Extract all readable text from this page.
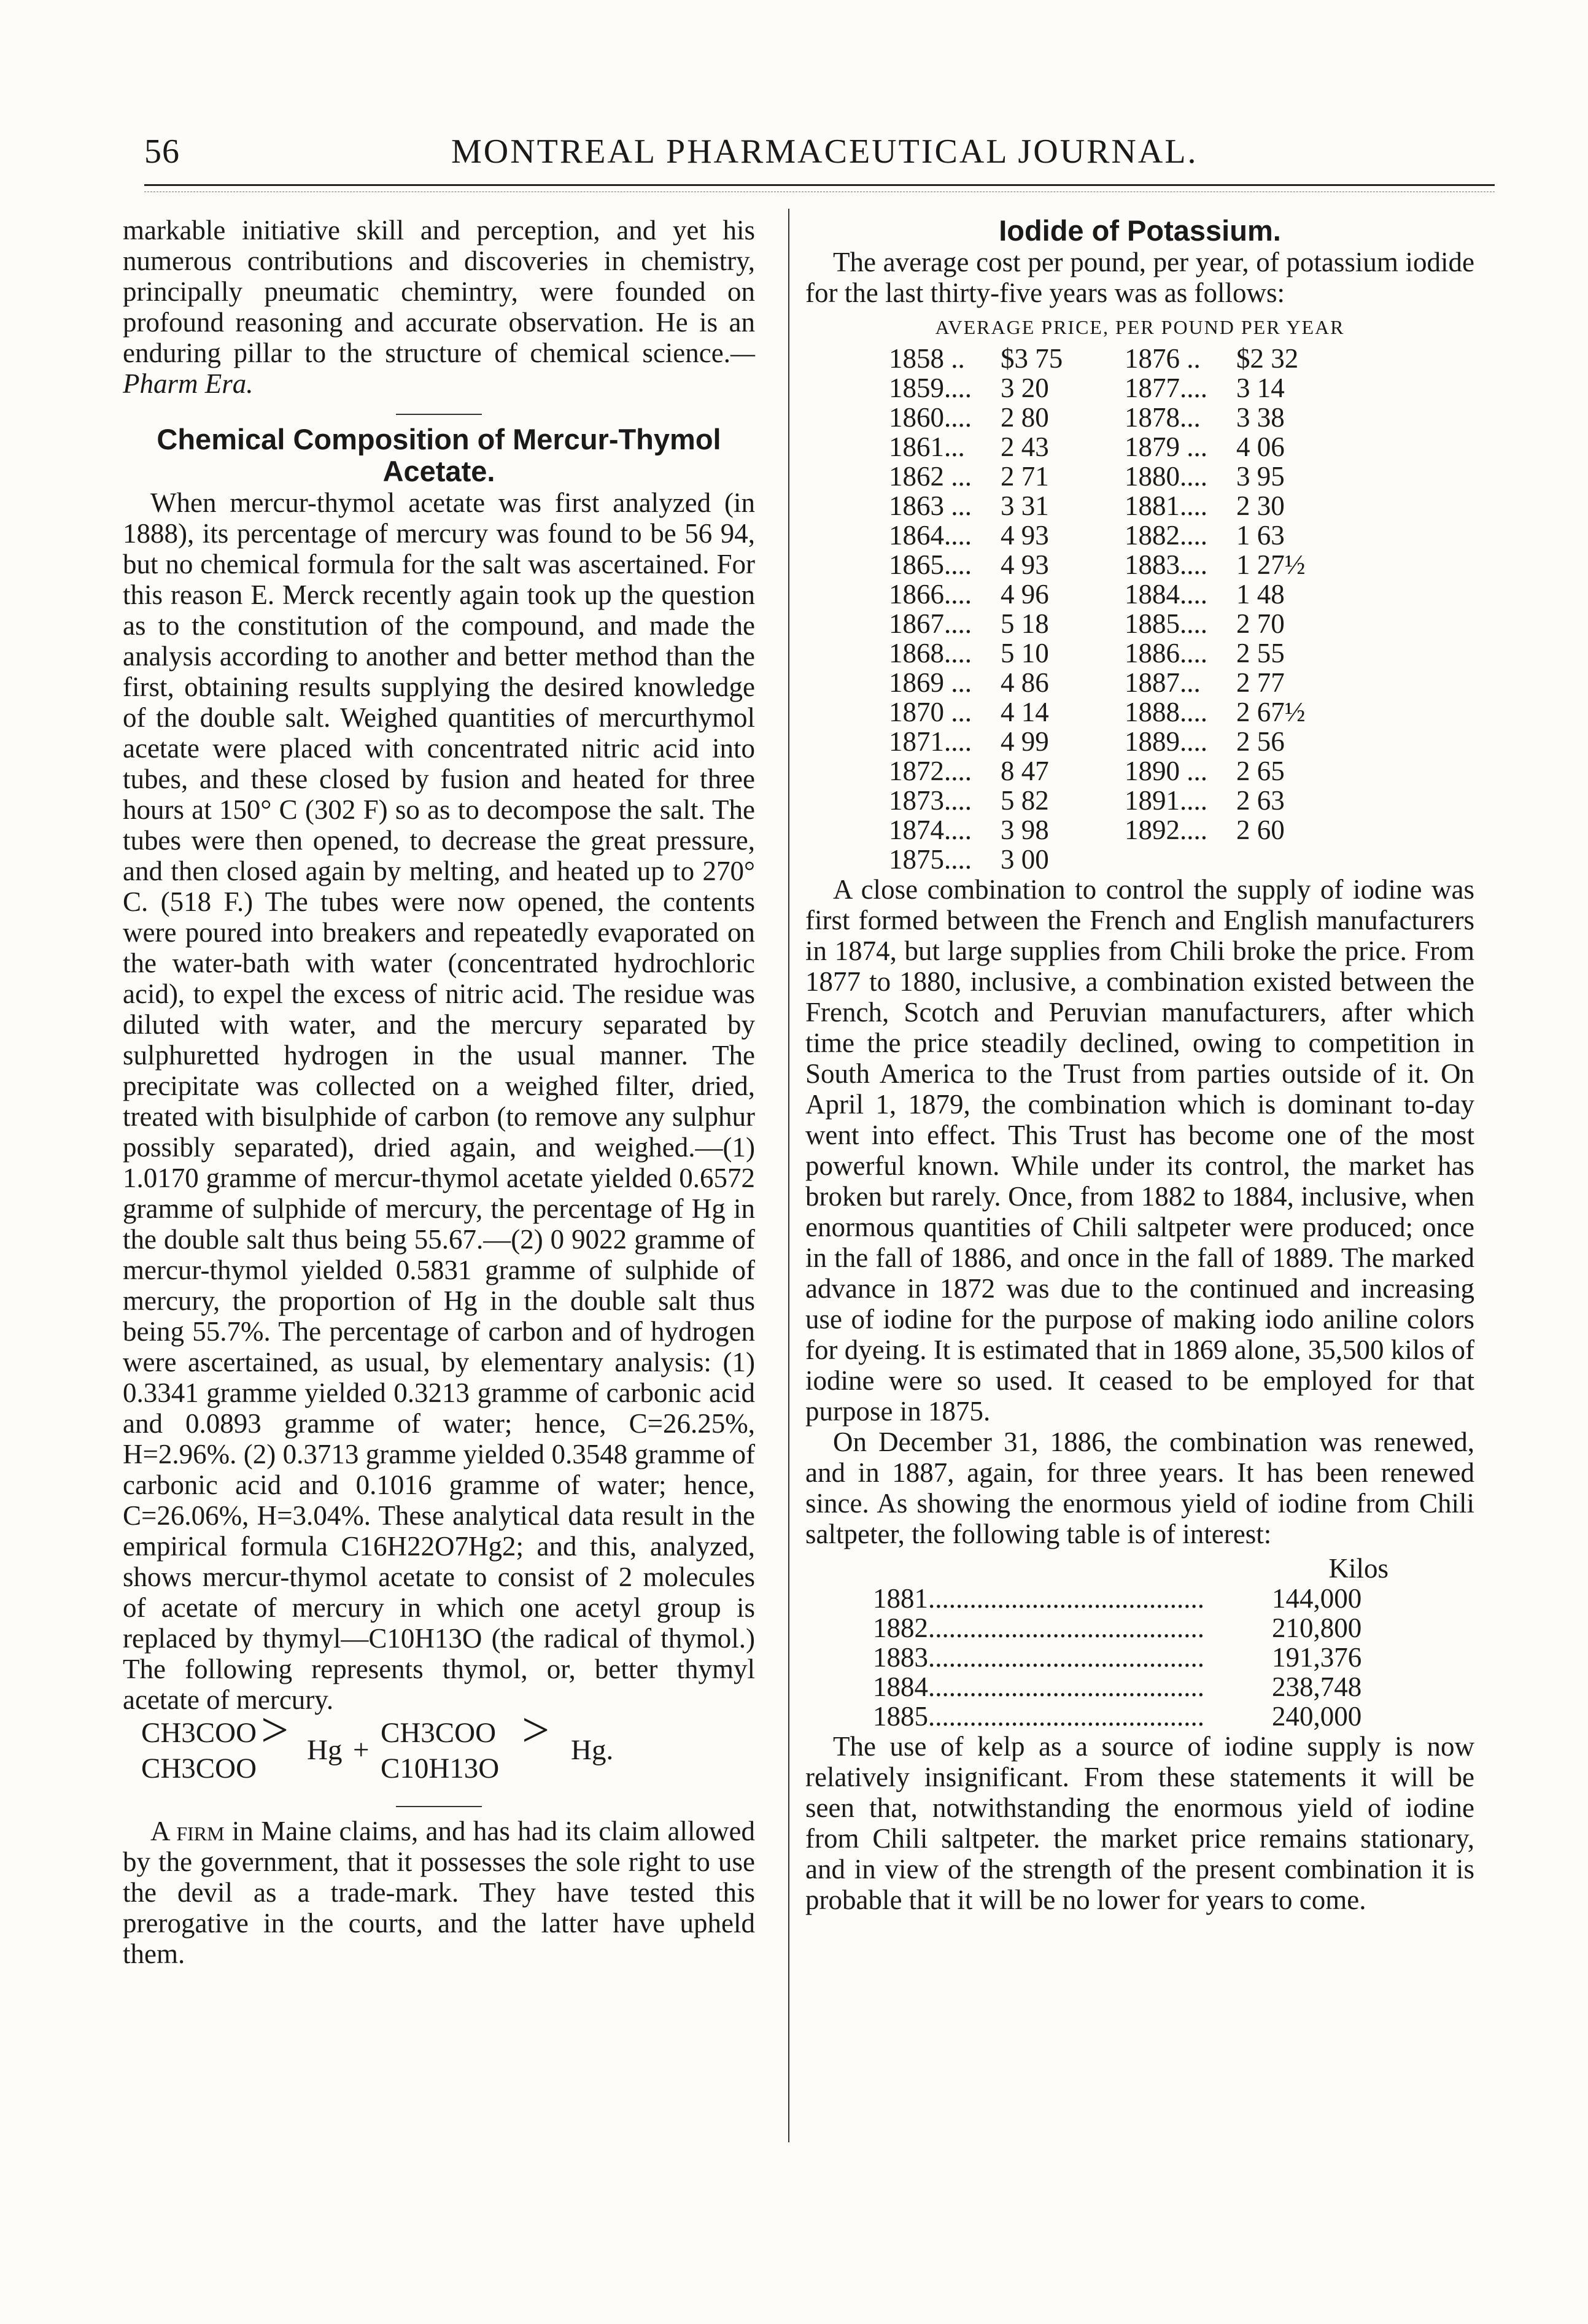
56	MONTREAL PHARMACEUTICAL JOURNAL.

markable initiative skill and perception, and yet his numerous contributions and discoveries in chemistry, principally pneumatic chemintry, were founded on profound reasoning and accurate observation. He is an enduring pillar to the structure of chemical science.—Pharm Era.

Chemical Composition of Mercur-Thymol Acetate.

When mercur-thymol acetate was first analyzed (in 1888), its percentage of mercury was found to be 56 94, but no chemical formula for the salt was ascertained. For this reason E. Merck recently again took up the question as to the constitution of the compound, and made the analysis according to another and better method than the first, obtaining results supplying the desired knowledge of the double salt. Weighed quantities of mercurthymol acetate were placed with concentrated nitric acid into tubes, and these closed by fusion and heated for three hours at 150° C (302 F) so as to decompose the salt. The tubes were then opened, to decrease the great pressure, and then closed again by melting, and heated up to 270° C. (518 F.) The tubes were now opened, the contents were poured into breakers and repeatedly evaporated on the water-bath with water (concentrated hydrochloric acid), to expel the excess of nitric acid. The residue was diluted with water, and the mercury separated by sulphuretted hydrogen in the usual manner. The precipitate was collected on a weighed filter, dried, treated with bisulphide of carbon (to remove any sulphur possibly separated), dried again, and weighed.—(1) 1.0170 gramme of mercur-thymol acetate yielded 0.6572 gramme of sulphide of mercury, the percentage of Hg in the double salt thus being 55.67.—(2) 0 9022 gramme of mercur-thymol yielded 0.5831 gramme of sulphide of mercury, the proportion of Hg in the double salt thus being 55.7%. The percentage of carbon and of hydrogen were ascertained, as usual, by elementary analysis: (1) 0.3341 gramme yielded 0.3213 gramme of carbonic acid and 0.0893 gramme of water; hence, C=26.25%, H=2.96%. (2) 0.3713 gramme yielded 0.3548 gramme of carbonic acid and 0.1016 gramme of water; hence, C=26.06%, H=3.04%. These analytical data result in the empirical formula C16H22O7Hg2; and this, analyzed, shows mercur-thymol acetate to consist of 2 molecules of acetate of mercury in which one acetyl group is replaced by thymyl—C10H13O (the radical of thymol.) The following represents thymol, or, better thymyl acetate of mercury.

CH3COO
CH3COO
> Hg +
CH3COO
C10H13O
> Hg.

A firm in Maine claims, and has had its claim allowed by the government, that it possesses the sole right to use the devil as a trade-mark. They have tested this prerogative in the courts, and the latter have upheld them.

Iodide of Potassium.

The average cost per pound, per year, of potassium iodide for the last thirty-five years was as follows:

AVERAGE PRICE, PER POUND PER YEAR
1858 ..	$3 75	1876 ..	$2 32
1859....	3 20	1877....	3 14
1860....	2 80	1878...	3 38
1861...	2 43	1879 ...	4 06
1862 ...	2 71	1880....	3 95
1863 ...	3 31	1881....	2 30
1864....	4 93	1882....	1 63
1865....	4 93	1883....	1 27½
1866....	4 96	1884....	1 48
1867....	5 18	1885....	2 70
1868....	5 10	1886....	2 55
1869 ...	4 86	1887...	2 77
1870 ...	4 14	1888....	2 67½
1871....	4 99	1889....	2 56
1872....	8 47	1890 ...	2 65
1873....	5 82	1891....	2 63
1874....	3 98	1892....	2 60
1875....	3 00		

A close combination to control the supply of iodine was first formed between the French and English manufacturers in 1874, but large supplies from Chili broke the price. From 1877 to 1880, inclusive, a combination existed between the French, Scotch and Peruvian manufacturers, after which time the price steadily declined, owing to competition in South America to the Trust from parties outside of it. On April 1, 1879, the combination which is dominant to-day went into effect. This Trust has become one of the most powerful known. While under its control, the market has broken but rarely. Once, from 1882 to 1884, inclusive, when enormous quantities of Chili saltpeter were produced; once in the fall of 1886, and once in the fall of 1889. The marked advance in 1872 was due to the continued and increasing use of iodine for the purpose of making iodo aniline colors for dyeing. It is estimated that in 1869 alone, 35,500 kilos of iodine were so used. It ceased to be employed for that purpose in 1875.

On December 31, 1886, the combination was renewed, and in 1887, again, for three years. It has been renewed since. As showing the enormous yield of iodine from Chili saltpeter, the following table is of interest:

Kilos
1881	........................................	144,000
1882	........................................	210,800
1883	........................................	191,376
1884	........................................	238,748
1885	........................................	240,000

The use of kelp as a source of iodine supply is now relatively insignificant. From these statements it will be seen that, notwithstanding the enormous yield of iodine from Chili saltpeter. the market price remains stationary, and in view of the strength of the present combination it is probable that it will be no lower for years to come.
